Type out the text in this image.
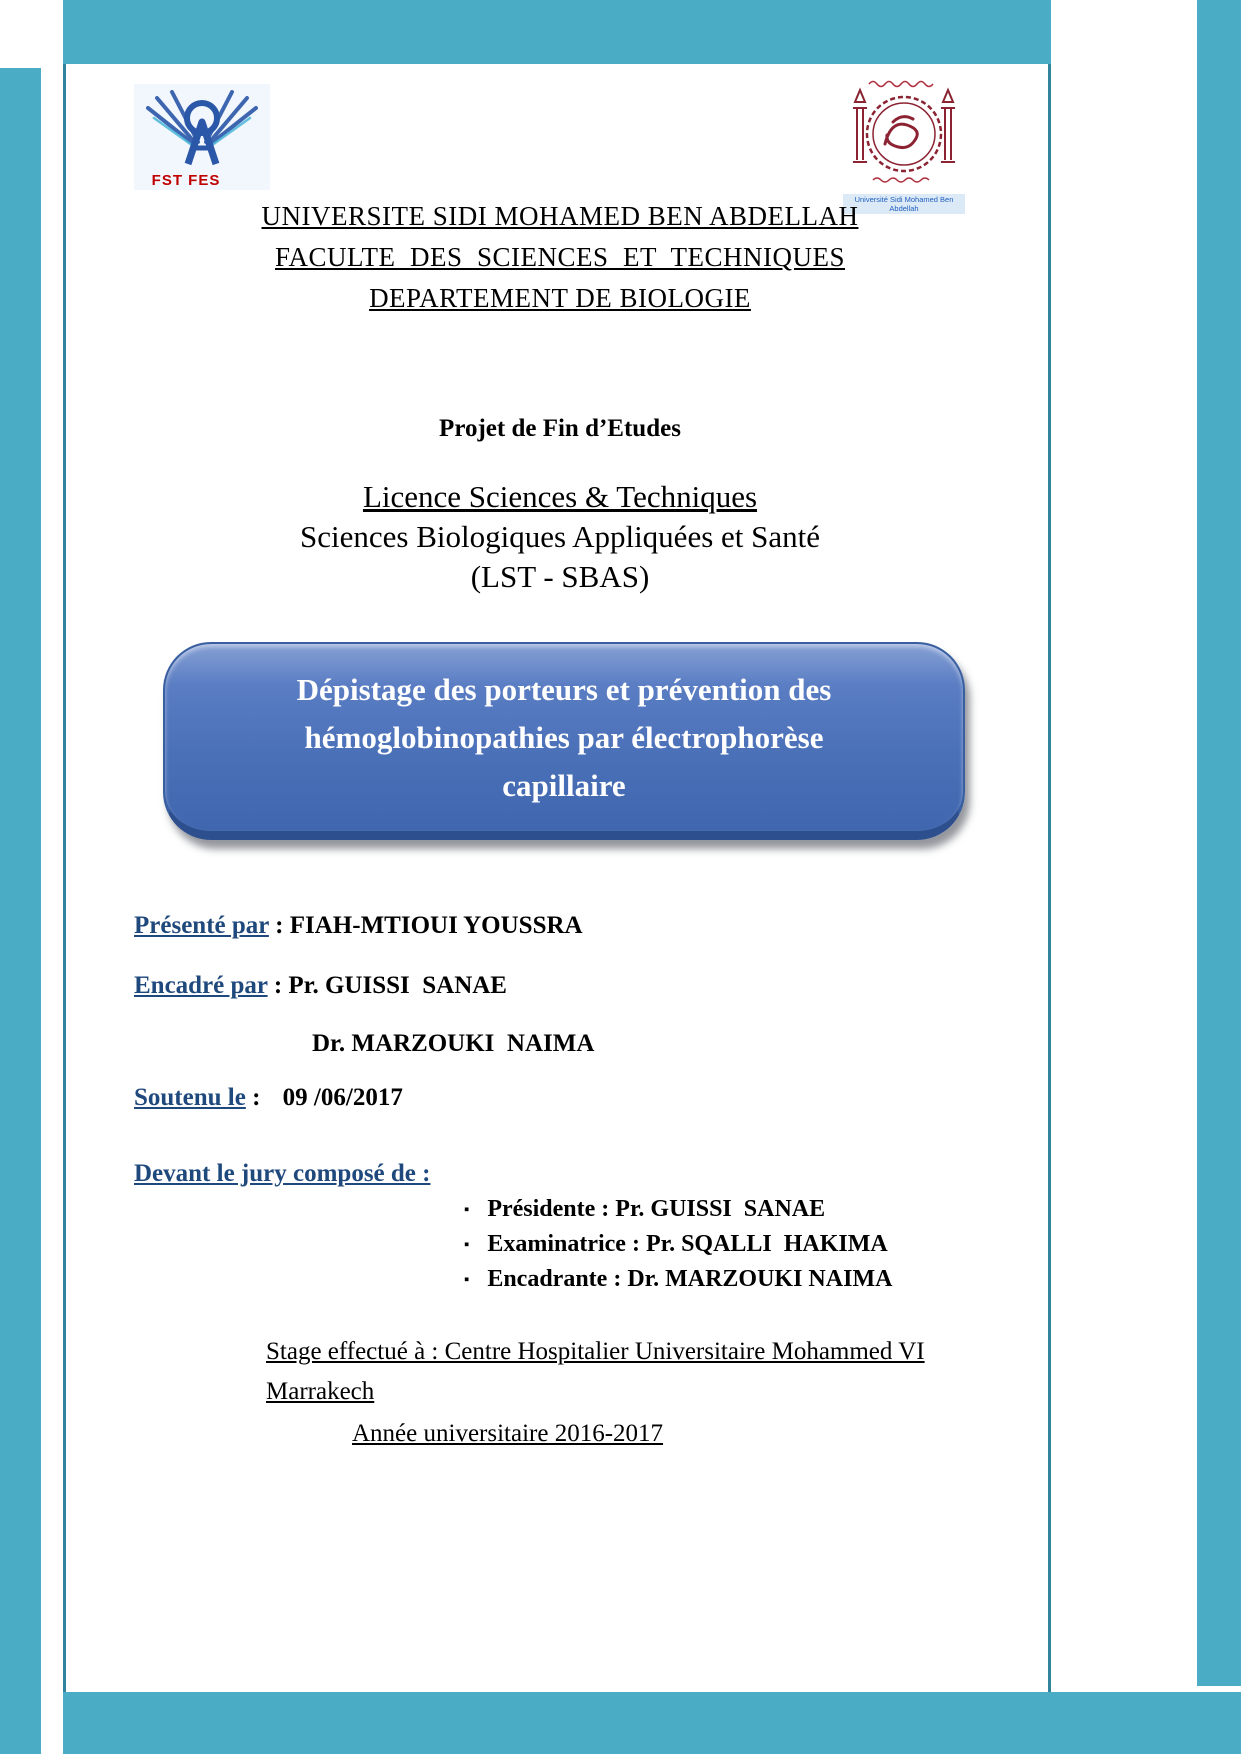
FST FES
Université Sidi Mohamed Ben Abdellah
UNIVERSITE SIDI MOHAMED BEN ABDELLAH
FACULTE  DES  SCIENCES  ET  TECHNIQUES
DEPARTEMENT DE BIOLOGIE
Projet de Fin d’Etudes
Licence Sciences & Techniques
Sciences Biologiques Appliquées et Santé
(LST - SBAS)
Dépistage des porteurs et prévention des
hémoglobinopathies par électrophorèse
capillaire
Présenté par : FIAH-MTIOUI YOUSSRA
Encadré par : Pr. GUISSI  SANAE
Dr. MARZOUKI  NAIMA
Soutenu le : 09 /06/2017
Devant le jury composé de :
▪ Présidente : Pr. GUISSI  SANAE
▪ Examinatrice : Pr. SQALLI  HAKIMA
▪ Encadrante : Dr. MARZOUKI NAIMA
Stage effectué à : Centre Hospitalier Universitaire Mohammed VI
Marrakech
Année universitaire 2016-2017
